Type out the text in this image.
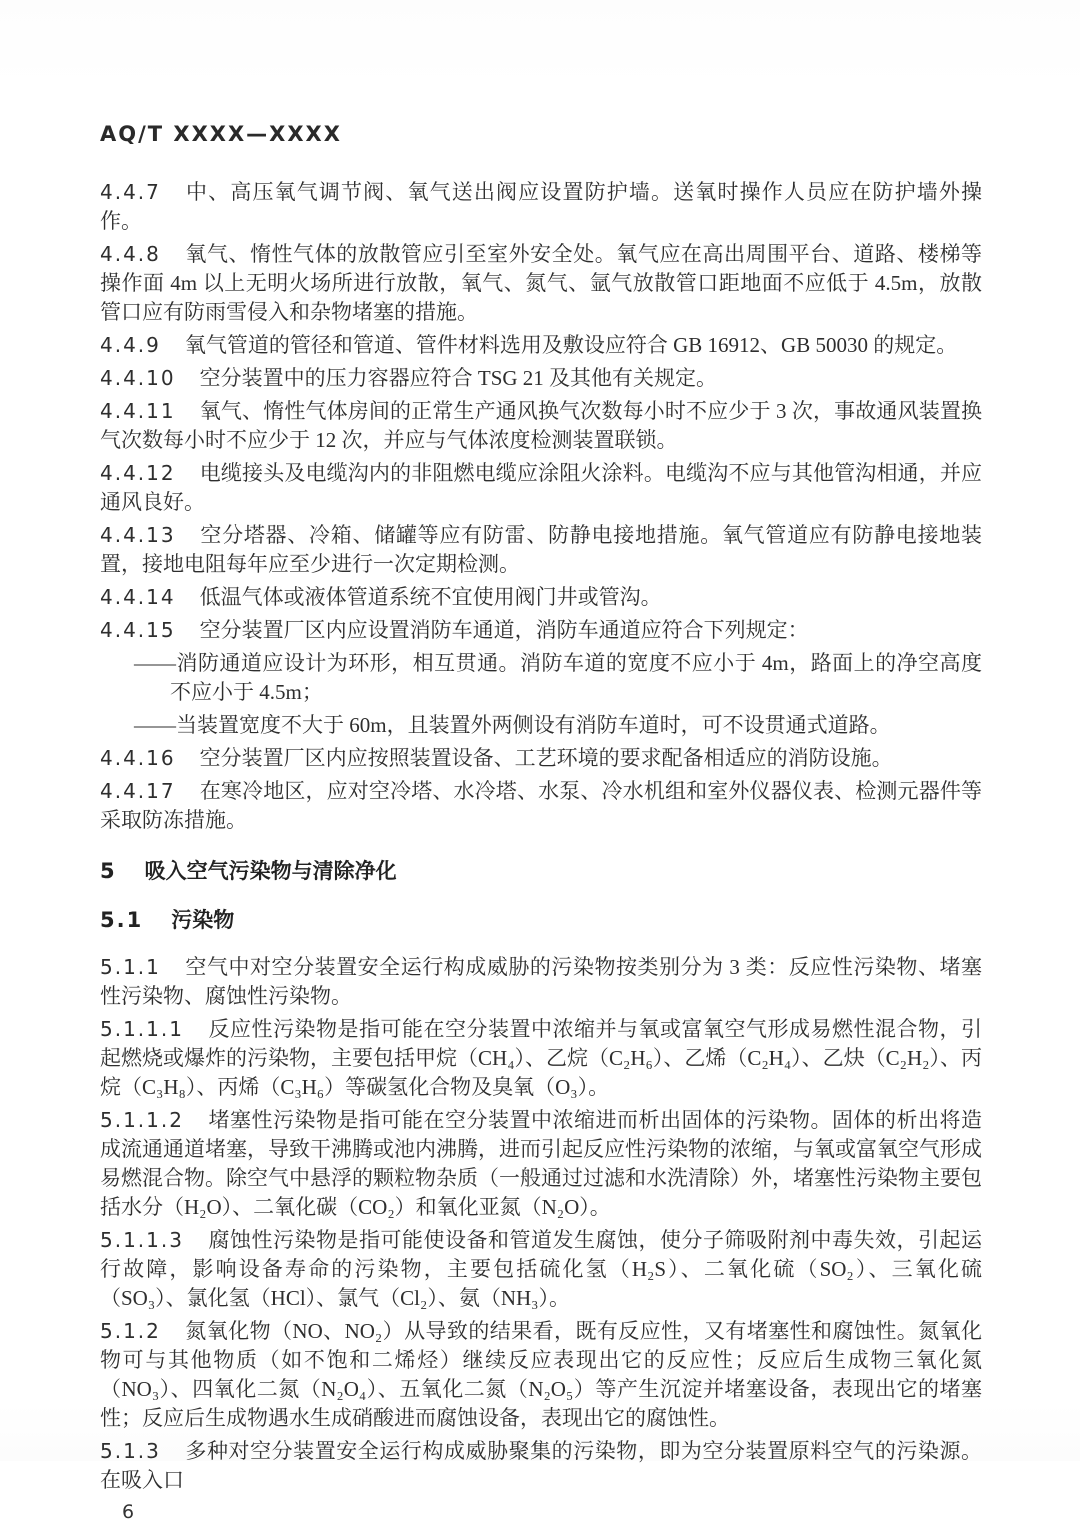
AQ/T XXXX—XXXX

4.4.7 中、高压氧气调节阀、氧气送出阀应设置防护墙。送氧时操作人员应在防护墙外操作。

4.4.8 氧气、惰性气体的放散管应引至室外安全处。氧气应在高出周围平台、道路、楼梯等操作面 4m 以上无明火场所进行放散，氧气、氮气、氩气放散管口距地面不应低于 4.5m，放散管口应有防雨雪侵入和杂物堵塞的措施。

4.4.9 氧气管道的管径和管道、管件材料选用及敷设应符合 GB 16912、GB 50030 的规定。

4.4.10 空分装置中的压力容器应符合 TSG 21 及其他有关规定。

4.4.11 氧气、惰性气体房间的正常生产通风换气次数每小时不应少于 3 次，事故通风装置换气次数每小时不应少于 12 次，并应与气体浓度检测装置联锁。

4.4.12 电缆接头及电缆沟内的非阻燃电缆应涂阻火涂料。电缆沟不应与其他管沟相通，并应通风良好。

4.4.13 空分塔器、冷箱、储罐等应有防雷、防静电接地措施。氧气管道应有防静电接地装置，接地电阻每年应至少进行一次定期检测。

4.4.14 低温气体或液体管道系统不宜使用阀门井或管沟。

4.4.15 空分装置厂区内应设置消防车通道，消防车通道应符合下列规定：

——消防通道应设计为环形，相互贯通。消防车道的宽度不应小于 4m，路面上的净空高度不应小于 4.5m；

——当装置宽度不大于 60m，且装置外两侧设有消防车道时，可不设贯通式道路。

4.4.16 空分装置厂区内应按照装置设备、工艺环境的要求配备相适应的消防设施。

4.4.17 在寒冷地区，应对空冷塔、水冷塔、水泵、冷水机组和室外仪器仪表、检测元器件等采取防冻措施。

5 吸入空气污染物与清除净化
5.1 污染物

5.1.1 空气中对空分装置安全运行构成威胁的污染物按类别分为 3 类：反应性污染物、堵塞性污染物、腐蚀性污染物。

5.1.1.1 反应性污染物是指可能在空分装置中浓缩并与氧或富氧空气形成易燃性混合物，引起燃烧或爆炸的污染物，主要包括甲烷（CH₄）、乙烷（C₂H₆）、乙烯（C₂H₄）、乙炔（C₂H₂）、丙烷（C₃H₈）、丙烯（C₃H₆）等碳氢化合物及臭氧（O₃）。

5.1.1.2 堵塞性污染物是指可能在空分装置中浓缩进而析出固体的污染物。固体的析出将造成流通通道堵塞，导致干沸腾或池内沸腾，进而引起反应性污染物的浓缩，与氧或富氧空气形成易燃混合物。除空气中悬浮的颗粒物杂质（一般通过过滤和水洗清除）外，堵塞性污染物主要包括水分（H₂O）、二氧化碳（CO₂）和氧化亚氮（N₂O）。

5.1.1.3 腐蚀性污染物是指可能使设备和管道发生腐蚀，使分子筛吸附剂中毒失效，引起运行故障，影响设备寿命的污染物，主要包括硫化氢（H₂S）、二氧化硫（SO₂）、三氧化硫（SO₃）、氯化氢（HCl）、氯气（Cl₂）、氨（NH₃）。

5.1.2 氮氧化物（NO、NO₂）从导致的结果看，既有反应性，又有堵塞性和腐蚀性。氮氧化物可与其他物质（如不饱和二烯烃）继续反应表现出它的反应性；反应后生成物三氧化氮（NO₃）、四氧化二氮（N₂O₄）、五氧化二氮（N₂O₅）等产生沉淀并堵塞设备，表现出它的堵塞性；反应后生成物遇水生成硝酸进而腐蚀设备，表现出它的腐蚀性。

5.1.3 多种对空分装置安全运行构成威胁聚集的污染物，即为空分装置原料空气的污染源。在吸入口

6
